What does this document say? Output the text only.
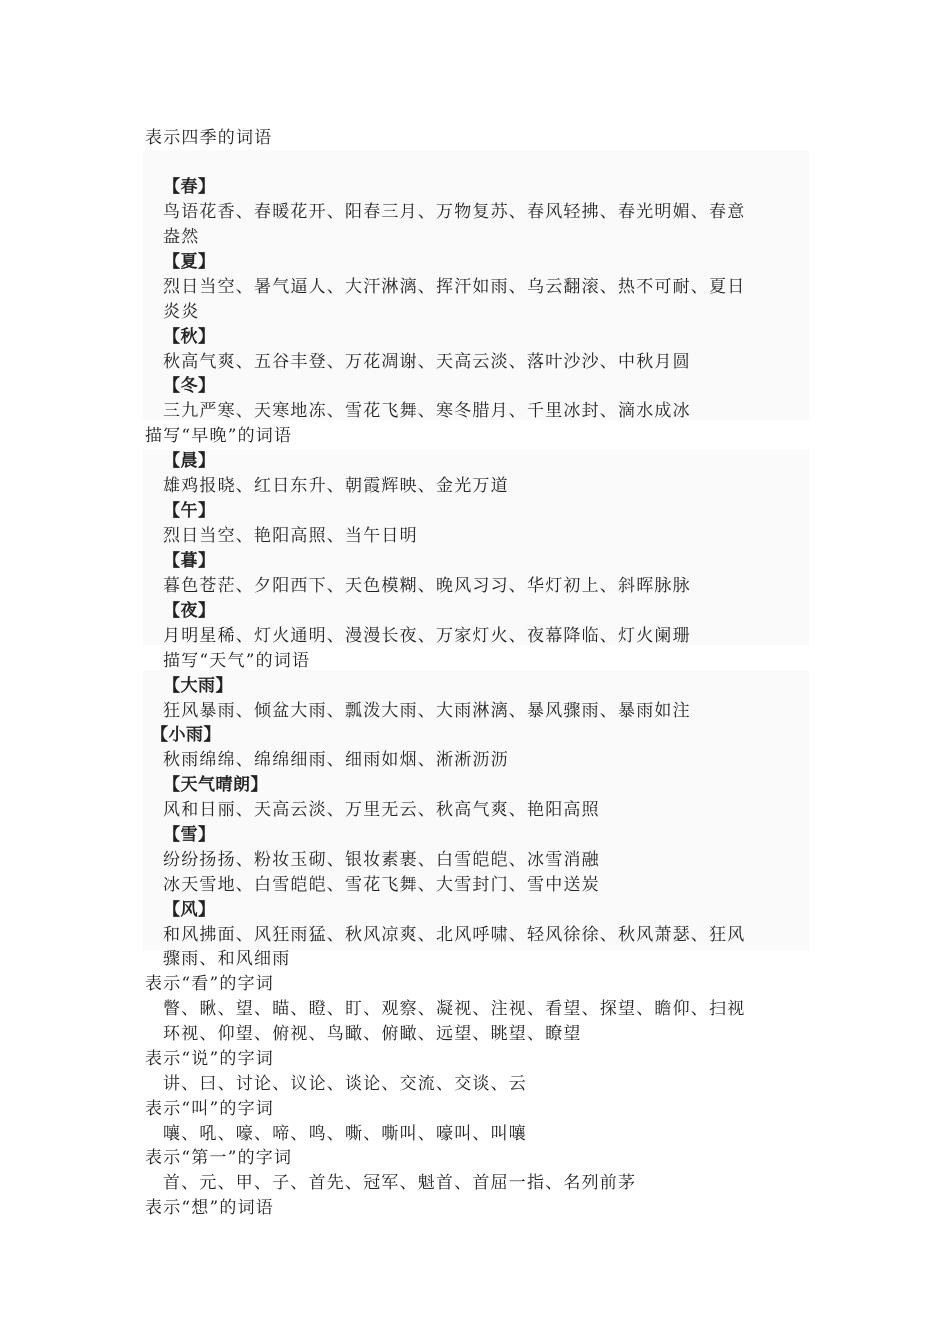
表示四季的词语
【春】
鸟语花香、春暖花开、阳春三月、万物复苏、春风轻拂、春光明媚、春意
盎然
【夏】
烈日当空、暑气逼人、大汗淋漓、挥汗如雨、乌云翻滚、热不可耐、夏日
炎炎
【秋】
秋高气爽、五谷丰登、万花凋谢、天高云淡、落叶沙沙、中秋月圆
【冬】
三九严寒、天寒地冻、雪花飞舞、寒冬腊月、千里冰封、滴水成冰
描写“早晚”的词语
【晨】
雄鸡报晓、红日东升、朝霞辉映、金光万道
【午】
烈日当空、艳阳高照、当午日明
【暮】
暮色苍茫、夕阳西下、天色模糊、晚风习习、华灯初上、斜晖脉脉
【夜】
月明星稀、灯火通明、漫漫长夜、万家灯火、夜幕降临、灯火阑珊
描写“天气”的词语
【大雨】
狂风暴雨、倾盆大雨、瓢泼大雨、大雨淋漓、暴风骤雨、暴雨如注
【小雨】
秋雨绵绵、绵绵细雨、细雨如烟、淅淅沥沥
【天气晴朗】
风和日丽、天高云淡、万里无云、秋高气爽、艳阳高照
【雪】
纷纷扬扬、粉妆玉砌、银妆素裹、白雪皑皑、冰雪消融
冰天雪地、白雪皑皑、雪花飞舞、大雪封门、雪中送炭
【风】
和风拂面、风狂雨猛、秋风凉爽、北风呼啸、轻风徐徐、秋风萧瑟、狂风
骤雨、和风细雨
表示“看”的字词
瞥、瞅、望、瞄、瞪、盯、观察、凝视、注视、看望、探望、瞻仰、扫视
环视、仰望、俯视、鸟瞰、俯瞰、远望、眺望、瞭望
表示“说”的字词
讲、曰、讨论、议论、谈论、交流、交谈、云
表示“叫”的字词
嚷、吼、嚎、啼、鸣、嘶、嘶叫、嚎叫、叫嚷
表示“第一”的字词
首、元、甲、子、首先、冠军、魁首、首屈一指、名列前茅
表示“想”的词语
